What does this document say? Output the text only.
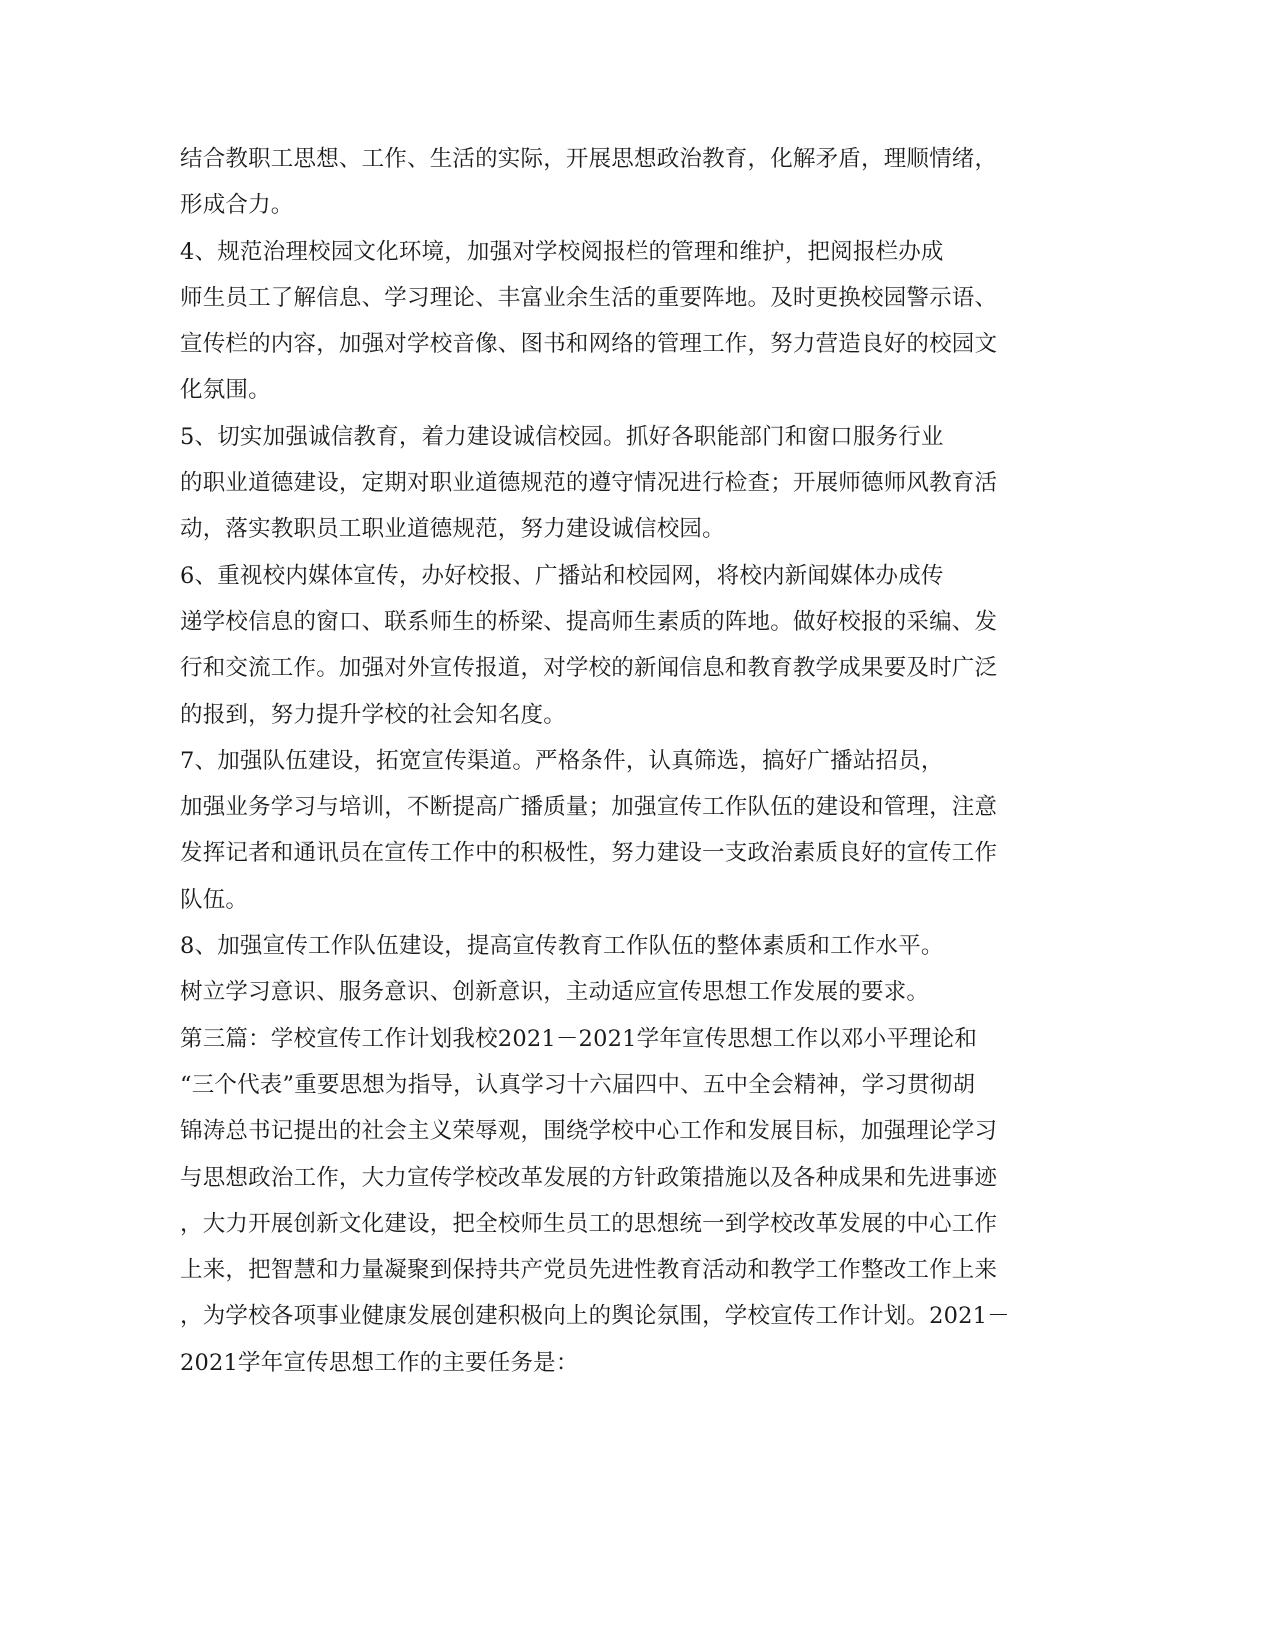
结合教职工思想、工作、生活的实际，开展思想政治教育，化解矛盾，理顺情绪，
形成合力。

4、规范治理校园文化环境，加强对学校阅报栏的管理和维护，把阅报栏办成
师生员工了解信息、学习理论、丰富业余生活的重要阵地。及时更换校园警示语、
宣传栏的内容，加强对学校音像、图书和网络的管理工作，努力营造良好的校园文
化氛围。

5、切实加强诚信教育，着力建设诚信校园。抓好各职能部门和窗口服务行业
的职业道德建设，定期对职业道德规范的遵守情况进行检查；开展师德师风教育活
动，落实教职员工职业道德规范，努力建设诚信校园。

6、重视校内媒体宣传，办好校报、广播站和校园网，将校内新闻媒体办成传
递学校信息的窗口、联系师生的桥梁、提高师生素质的阵地。做好校报的采编、发
行和交流工作。加强对外宣传报道，对学校的新闻信息和教育教学成果要及时广泛
的报到，努力提升学校的社会知名度。

7、加强队伍建设，拓宽宣传渠道。严格条件，认真筛选，搞好广播站招员，
加强业务学习与培训，不断提高广播质量；加强宣传工作队伍的建设和管理，注意
发挥记者和通讯员在宣传工作中的积极性，努力建设一支政治素质良好的宣传工作
队伍。

8、加强宣传工作队伍建设，提高宣传教育工作队伍的整体素质和工作水平。
树立学习意识、服务意识、创新意识，主动适应宣传思想工作发展的要求。

第三篇：学校宣传工作计划我校2021－2021学年宣传思想工作以邓小平理论和
“三个代表”重要思想为指导，认真学习十六届四中、五中全会精神，学习贯彻胡
锦涛总书记提出的社会主义荣辱观，围绕学校中心工作和发展目标，加强理论学习
与思想政治工作，大力宣传学校改革发展的方针政策措施以及各种成果和先进事迹
，大力开展创新文化建设，把全校师生员工的思想统一到学校改革发展的中心工作
上来，把智慧和力量凝聚到保持共产党员先进性教育活动和教学工作整改工作上来
，为学校各项事业健康发展创建积极向上的舆论氛围，学校宣传工作计划。2021－
2021学年宣传思想工作的主要任务是：
